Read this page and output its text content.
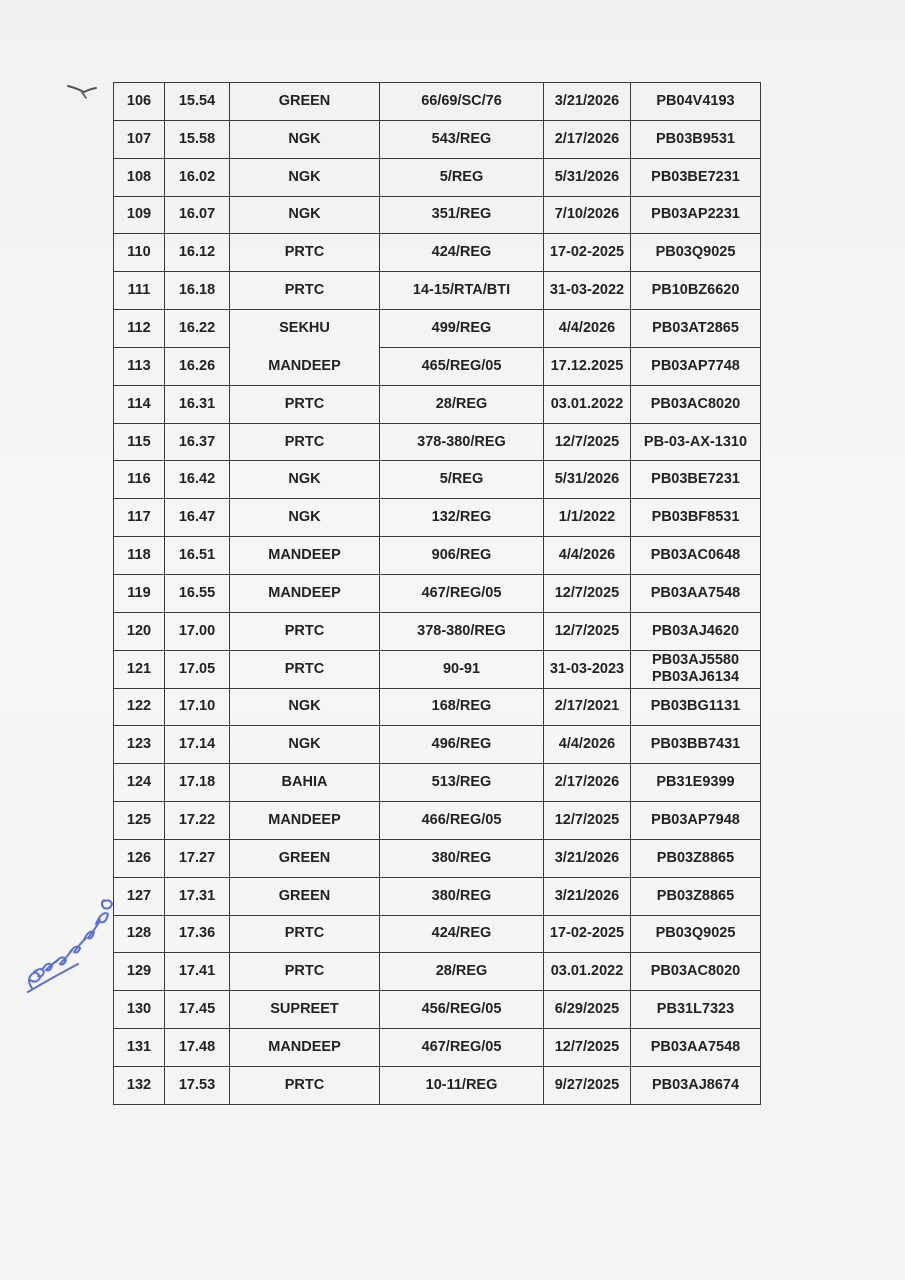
106	15.54	GREEN	66/69/SC/76	3/21/2026	PB04V4193

107	15.58	NGK	543/REG	2/17/2026	PB03B9531

108	16.02	NGK	5/REG	5/31/2026	PB03BE7231

109	16.07	NGK	351/REG	7/10/2026	PB03AP2231

110	16.12	PRTC	424/REG	17-02-2025	PB03Q9025

111	16.18	PRTC	14-15/RTA/BTI	31-03-2022	PB10BZ6620

112	16.22	SEKHU	499/REG	4/4/2026	PB03AT2865

113	16.26	MANDEEP	465/REG/05	17.12.2025	PB03AP7748

114	16.31	PRTC	28/REG	03.01.2022	PB03AC8020

115	16.37	PRTC	378-380/REG	12/7/2025	PB-03-AX-1310

116	16.42	NGK	5/REG	5/31/2026	PB03BE7231

117	16.47	NGK	132/REG	1/1/2022	PB03BF8531

118	16.51	MANDEEP	906/REG	4/4/2026	PB03AC0648

119	16.55	MANDEEP	467/REG/05	12/7/2025	PB03AA7548

120	17.00	PRTC	378-380/REG	12/7/2025	PB03AJ4620

121	17.05	PRTC	90-91	31-03-2023	PB03AJ5580
PB03AJ6134

122	17.10	NGK	168/REG	2/17/2021	PB03BG1131

123	17.14	NGK	496/REG	4/4/2026	PB03BB7431

124	17.18	BAHIA	513/REG	2/17/2026	PB31E9399

125	17.22	MANDEEP	466/REG/05	12/7/2025	PB03AP7948

126	17.27	GREEN	380/REG	3/21/2026	PB03Z8865

127	17.31	GREEN	380/REG	3/21/2026	PB03Z8865

128	17.36	PRTC	424/REG	17-02-2025	PB03Q9025

129	17.41	PRTC	28/REG	03.01.2022	PB03AC8020

130	17.45	SUPREET	456/REG/05	6/29/2025	PB31L7323

131	17.48	MANDEEP	467/REG/05	12/7/2025	PB03AA7548

132	17.53	PRTC	10-11/REG	9/27/2025	PB03AJ8674
